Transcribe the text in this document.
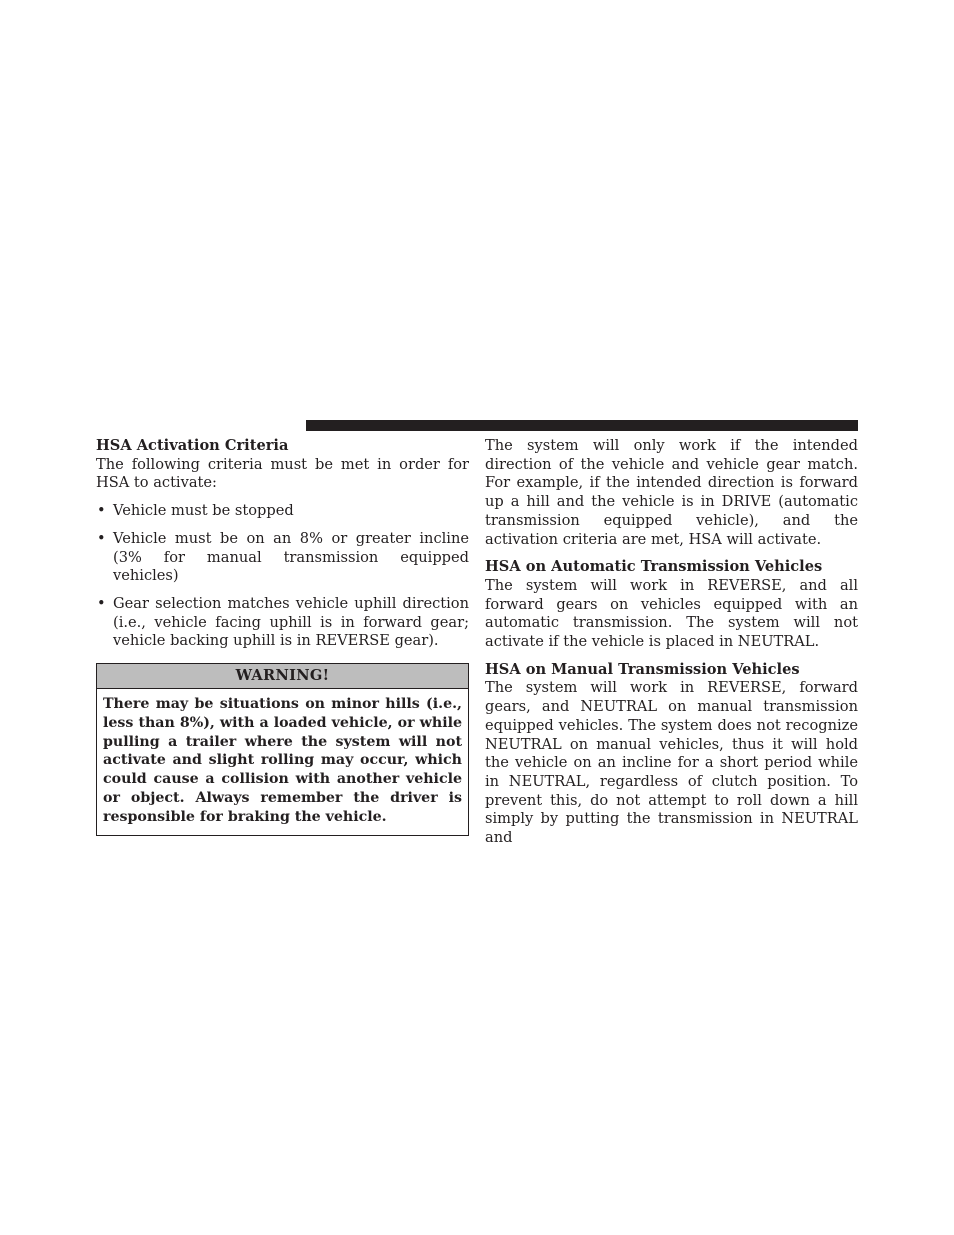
HSA Activation Criteria

The following criteria must be met in order for HSA to activate:

• Vehicle must be stopped
• Vehicle must be on an 8% or greater incline (3% for manual transmission equipped vehicles)
• Gear selection matches vehicle uphill direction (i.e., vehicle facing uphill is in forward gear; vehicle backing uphill is in REVERSE gear).
WARNING!
There may be situations on minor hills (i.e., less than 8%), with a loaded vehicle, or while pulling a trailer where the system will not activate and slight rolling may occur, which could cause a collision with another vehicle or object. Always remember the driver is responsible for braking the vehicle.

The system will only work if the intended direction of the vehicle and vehicle gear match. For example, if the intended direction is forward up a hill and the vehicle is in DRIVE (automatic transmission equipped vehicle), and the activation criteria are met, HSA will activate.

HSA on Automatic Transmission Vehicles

The system will work in REVERSE, and all forward gears on vehicles equipped with an automatic transmission. The system will not activate if the vehicle is placed in NEUTRAL.

HSA on Manual Transmission Vehicles

The system will work in REVERSE, forward gears, and NEUTRAL on manual transmission equipped vehicles. The system does not recognize NEUTRAL on manual vehicles, thus it will hold the vehicle on an incline for a short period while in NEUTRAL, regardless of clutch position. To prevent this, do not attempt to roll down a hill simply by putting the transmission in NEUTRAL and
